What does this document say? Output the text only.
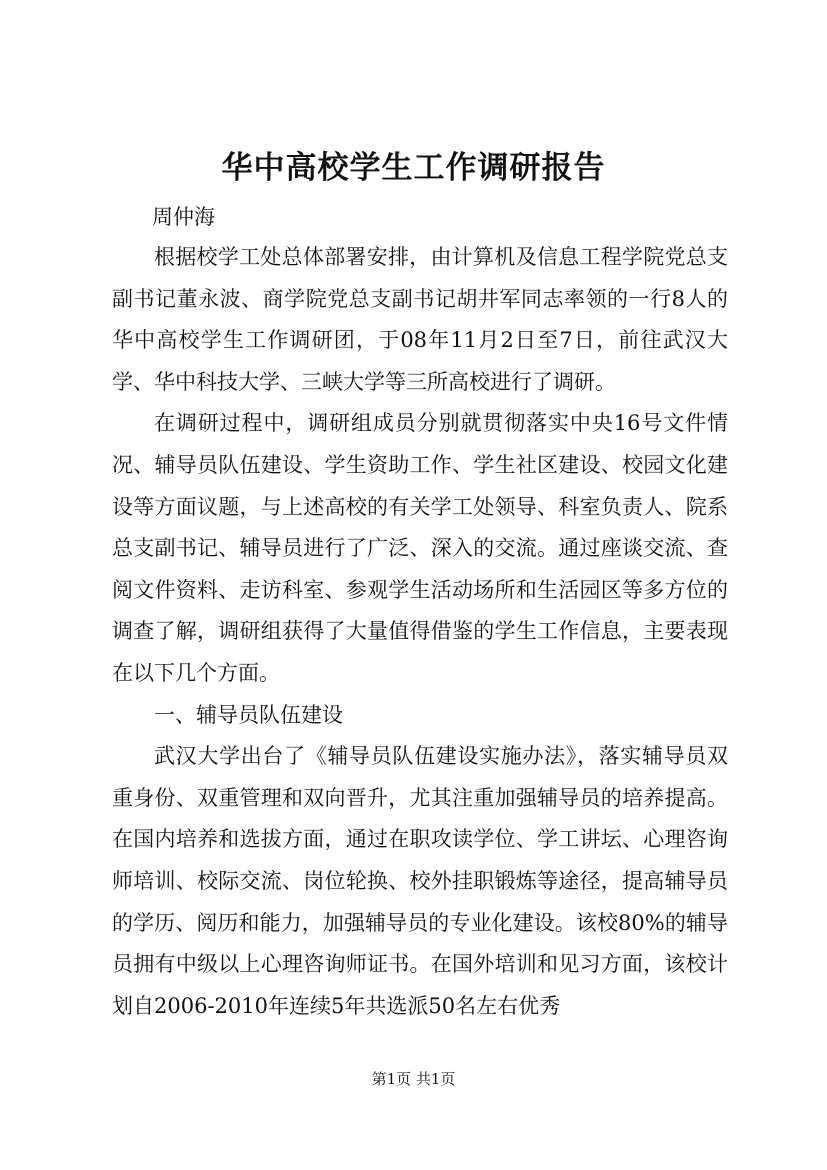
华中高校学生工作调研报告
周仲海

根据校学工处总体部署安排，由计算机及信息工程学院党总支副书记董永波、商学院党总支副书记胡井军同志率领的一行8人的华中高校学生工作调研团，于08年11月2日至7日，前往武汉大学、华中科技大学、三峡大学等三所高校进行了调研。

在调研过程中，调研组成员分别就贯彻落实中央16号文件情况、辅导员队伍建设、学生资助工作、学生社区建设、校园文化建设等方面议题，与上述高校的有关学工处领导、科室负责人、院系总支副书记、辅导员进行了广泛、深入的交流。通过座谈交流、查阅文件资料、走访科室、参观学生活动场所和生活园区等多方位的调查了解，调研组获得了大量值得借鉴的学生工作信息，主要表现在以下几个方面。

一、辅导员队伍建设

武汉大学出台了《辅导员队伍建设实施办法》，落实辅导员双重身份、双重管理和双向晋升，尤其注重加强辅导员的培养提高。在国内培养和选拔方面，通过在职攻读学位、学工讲坛、心理咨询师培训、校际交流、岗位轮换、校外挂职锻炼等途径，提高辅导员的学历、阅历和能力，加强辅导员的专业化建设。该校80%的辅导员拥有中级以上心理咨询师证书。在国外培训和见习方面，该校计划自2006-2010年连续5年共选派50名左右优秀

第1页 共1页
